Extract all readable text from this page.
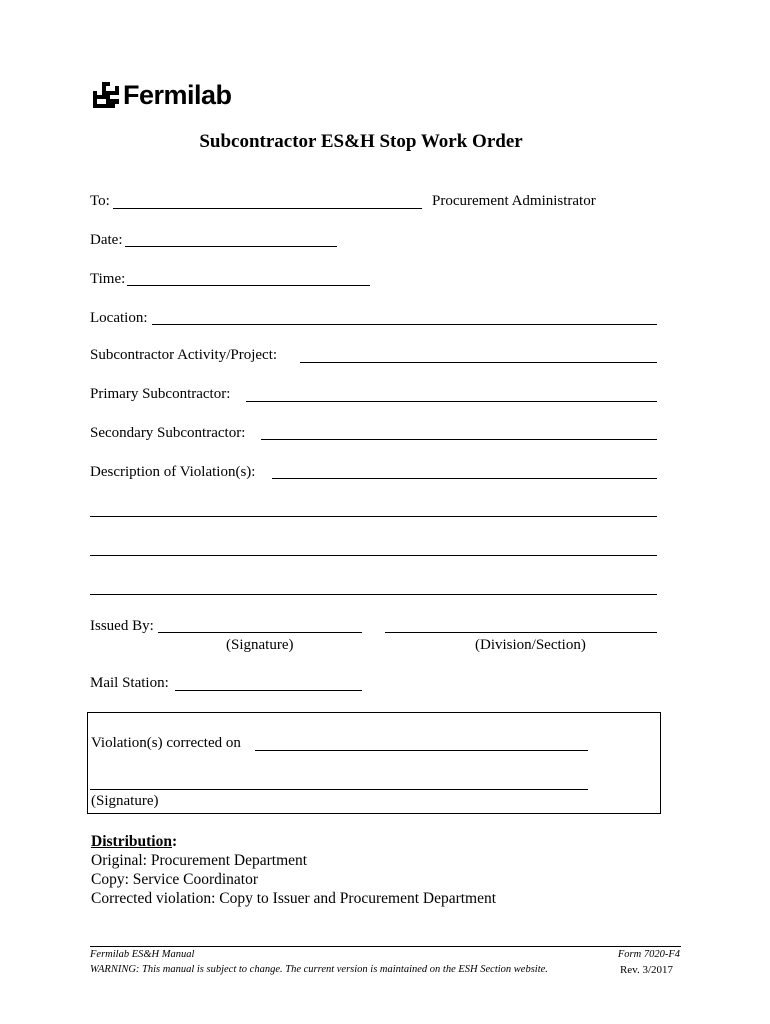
Fermilab
Subcontractor ES&H Stop Work Order
To:	Procurement Administrator
Date:
Time:
Location:
Subcontractor Activity/Project:
Primary Subcontractor:
Secondary Subcontractor:
Description of Violation(s):
Issued By:
(Signature)	(Division/Section)
Mail Station:
Violation(s) corrected on
(Signature)
Distribution:
Original: Procurement Department
Copy: Service Coordinator
Corrected violation: Copy to Issuer and Procurement Department
Fermilab ES&H Manual
WARNING: This manual is subject to change. The current version is maintained on the ESH Section website.
Form 7020-F4
Rev. 3/2017
